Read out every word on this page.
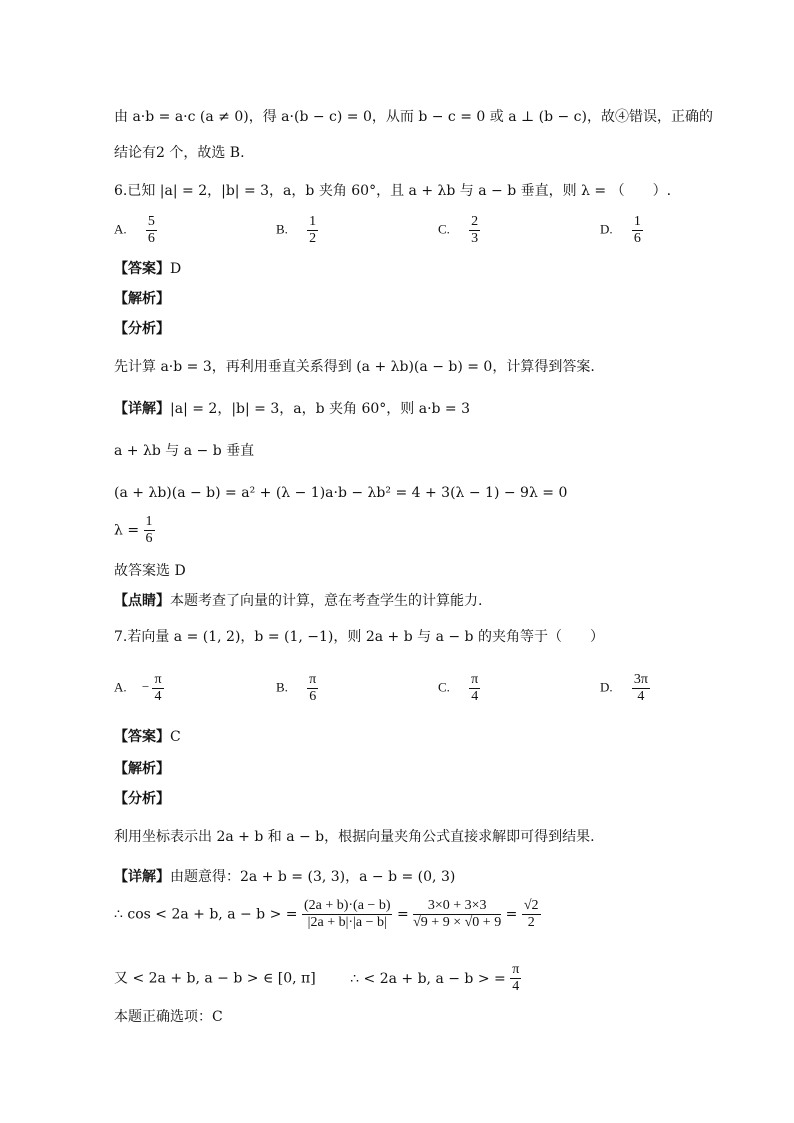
由 a·b = a·c (a ≠ 0)，得 a·(b − c) = 0，从而 b − c = 0 或 a ⊥ (b − c)，故④错误，正确的
结论有2 个，故选 B.
6.已知 |a| = 2，|b| = 3，a，b 夹角 60°，且 a + λb 与 a − b 垂直，则 λ = （　　）.
A. $\frac{5}{6}$	B. $\frac{1}{2}$	C. $\frac{2}{3}$	D. $\frac{1}{6}$
【答案】D
【解析】
【分析】
先计算 a·b = 3，再利用垂直关系得到 (a + λb)(a − b) = 0，计算得到答案.
【详解】|a| = 2，|b| = 3，a，b 夹角 60°，则 a·b = 3
a + λb 与 a − b 垂直
(a + λb)(a − b) = a² + (λ − 1)a·b − λb² = 4 + 3(λ − 1) − 9λ = 0
$\lambda = \frac{1}{6}$
故答案选 D
【点睛】本题考查了向量的计算，意在考查学生的计算能力.
7.若向量 a = (1, 2)，b = (1, −1)，则 2a + b 与 a − b 的夹角等于（　　）
A. − $\frac{\pi}{4}$	B. $\frac{\pi}{6}$	C. $\frac{\pi}{4}$	D. $\frac{3\pi}{4}$
【答案】C
【解析】
【分析】
利用坐标表示出 2a + b 和 a − b，根据向量夹角公式直接求解即可得到结果.
【详解】由题意得：2a + b = (3, 3)，a − b = (0, 3)
∴ cos < 2a + b, a − b > = $\frac{(2a + b)\cdot(a - b)}{|2a + b|\cdot|a - b|} = \frac{3\times 0 + 3\times 3}{√9 + 9 \times √0 + 9} = \frac{√2}{2}$
又 < 2a + b, a − b > ∈ [0, π] ∴ < 2a + b, a − b > = $\frac{\pi}{4}$
本题正确选项：C
